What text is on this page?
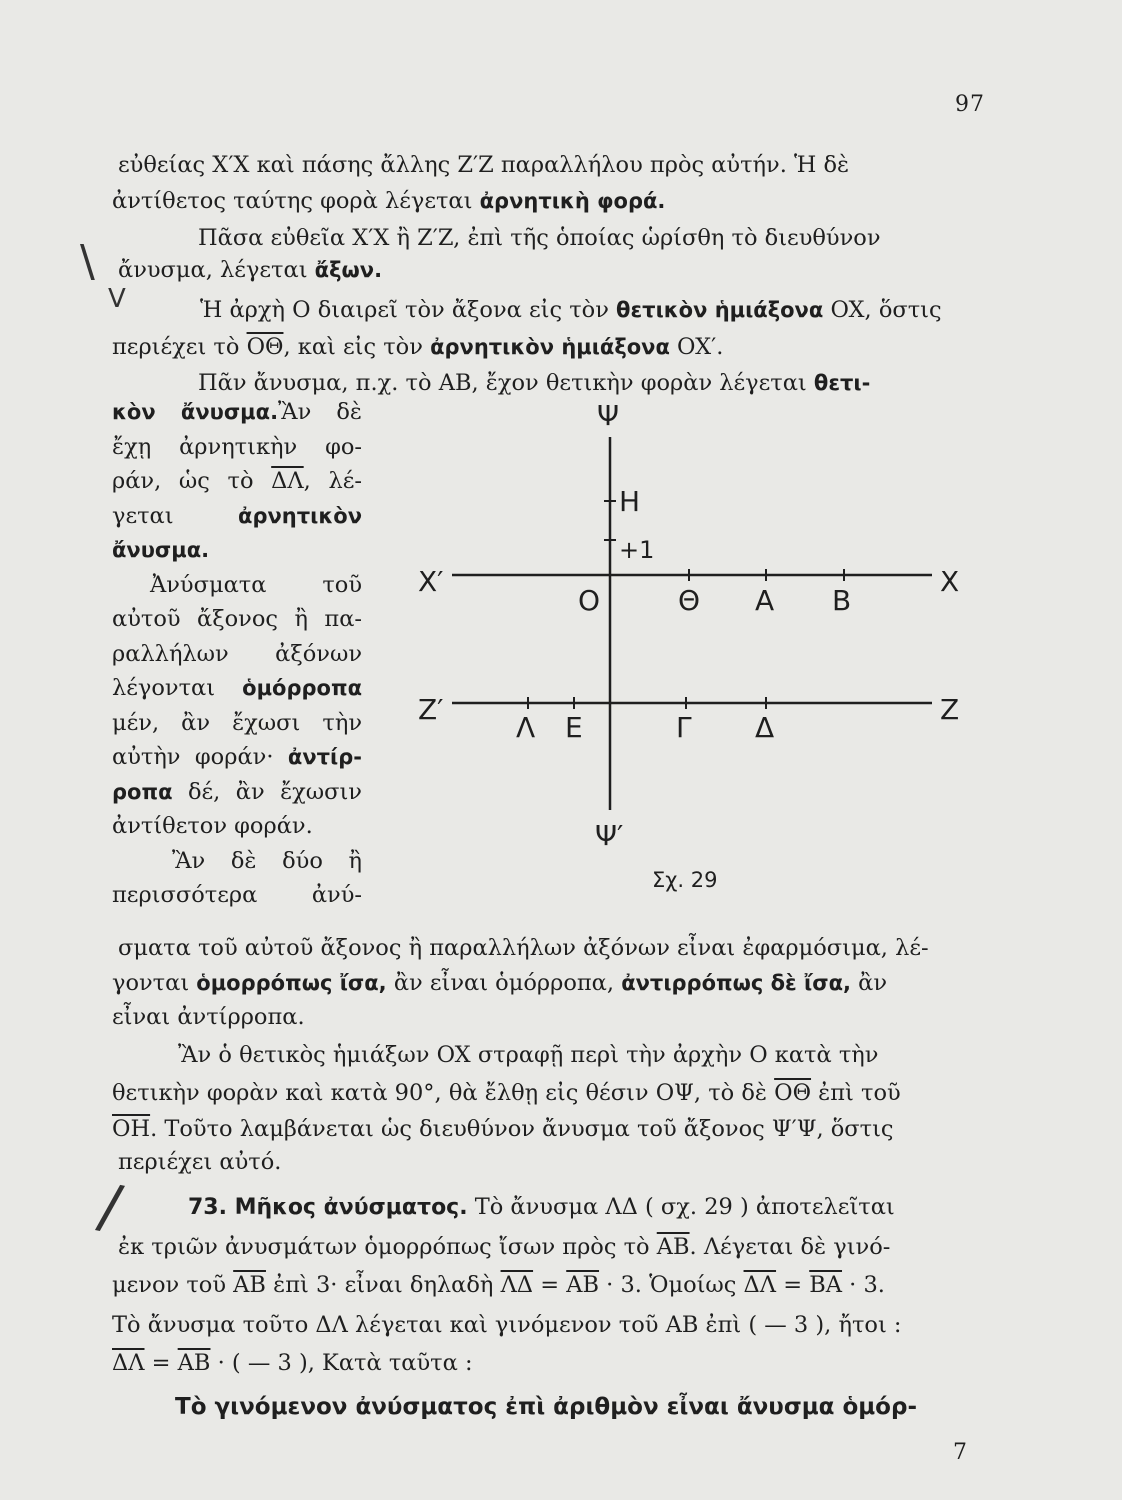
97
\
V
/
εὐθείας X′X καὶ πάσης ἄλλης Z′Z παραλλήλου πρὸς αὐτήν. Ἡ δὲ
ἀντίθετος ταύτης φορὰ λέγεται ἀρνητικὴ φορά.
Πᾶσα εὐθεῖα X′X ἢ Z′Z, ἐπὶ τῆς ὁποίας ὡρίσθη τὸ διευθύνον
ἄνυσμα, λέγεται ἄξων.
Ἡ ἀρχὴ O διαιρεῖ τὸν ἄξονα εἰς τὸν θετικὸν ἡμιάξονα OX, ὅστις
περιέχει τὸ $\overline{O\Theta}$, καὶ εἰς τὸν ἀρνητικὸν ἡμιάξονα OX′.
Πᾶν ἄνυσμα, π.χ. τὸ AB, ἔχον θετικὴν φορὰν λέγεται θετι-

κὸν ἄνυσμα.Ἂν δὲ

ἔχῃ ἀρνητικὴν φο-

ράν, ὡς τὸ $\overline{\Delta\Lambda}$, λέ-

γεται ἀρνητικὸν

ἄνυσμα.

Ἀνύσματα τοῦ

αὐτοῦ ἄξονος ἢ πα-

ραλλήλων ἀξόνων

λέγονται ὁμόρροπα

μέν, ἂν ἔχωσι τὴν

αὐτὴν φοράν· ἀντίρ-

ροπα δέ, ἂν ἔχωσιν

ἀντίθετον φοράν.

Ἂν δὲ δύο ἢ

περισσότερα ἀνύ-

Ψ
Ψ′
X′	X
Z′	Z
H
+1
O	Θ A B
Λ E	Γ Δ
Σχ. 29
σματα τοῦ αὐτοῦ ἄξονος ἢ παραλλήλων ἀξόνων εἶναι ἐφαρμόσιμα, λέ-
γονται ὁμορρόπως ἴσα, ἂν εἶναι ὁμόρροπα, ἀντιρρόπως δὲ ἴσα, ἂν
εἶναι ἀντίρροπα.
Ἂν ὁ θετικὸς ἡμιάξων OX στραφῇ περὶ τὴν ἀρχὴν O κατὰ τὴν
θετικὴν φορὰν καὶ κατὰ 90°, θὰ ἔλθῃ εἰς θέσιν OΨ, τὸ δὲ $\overline{O\Theta}$ ἐπὶ τοῦ
$\overline{OH}$. Τοῦτο λαμβάνεται ὡς διευθύνον ἄνυσμα τοῦ ἄξονος Ψ′Ψ, ὅστις
περιέχει αὐτό.
73. Μῆκος ἀνύσματος. Τὸ ἄνυσμα ΛΔ ( σχ. 29 ) ἀποτελεῖται
ἐκ τριῶν ἀνυσμάτων ὁμορρόπως ἴσων πρὸς τὸ $\overline{AB}$. Λέγεται δὲ γινό-
μενον τοῦ $\overline{AB}$ ἐπὶ 3· εἶναι δηλαδὴ $\overline{\Lambda\Delta} = \overline{AB} \cdot 3$. Ὁμοίως $\overline{\Delta\Lambda} = \overline{BA} \cdot 3$.
Τὸ ἄνυσμα τοῦτο ΔΛ λέγεται καὶ γινόμενον τοῦ AB ἐπὶ ( — 3 ), ἤτοι :
$\overline{\Delta\Lambda} = \overline{AB}$ · ( — 3 ), Κατὰ ταῦτα :
Τὸ γινόμενον ἀνύσματος ἐπὶ ἀριθμὸν εἶναι ἄνυσμα ὁμόρ-
7
